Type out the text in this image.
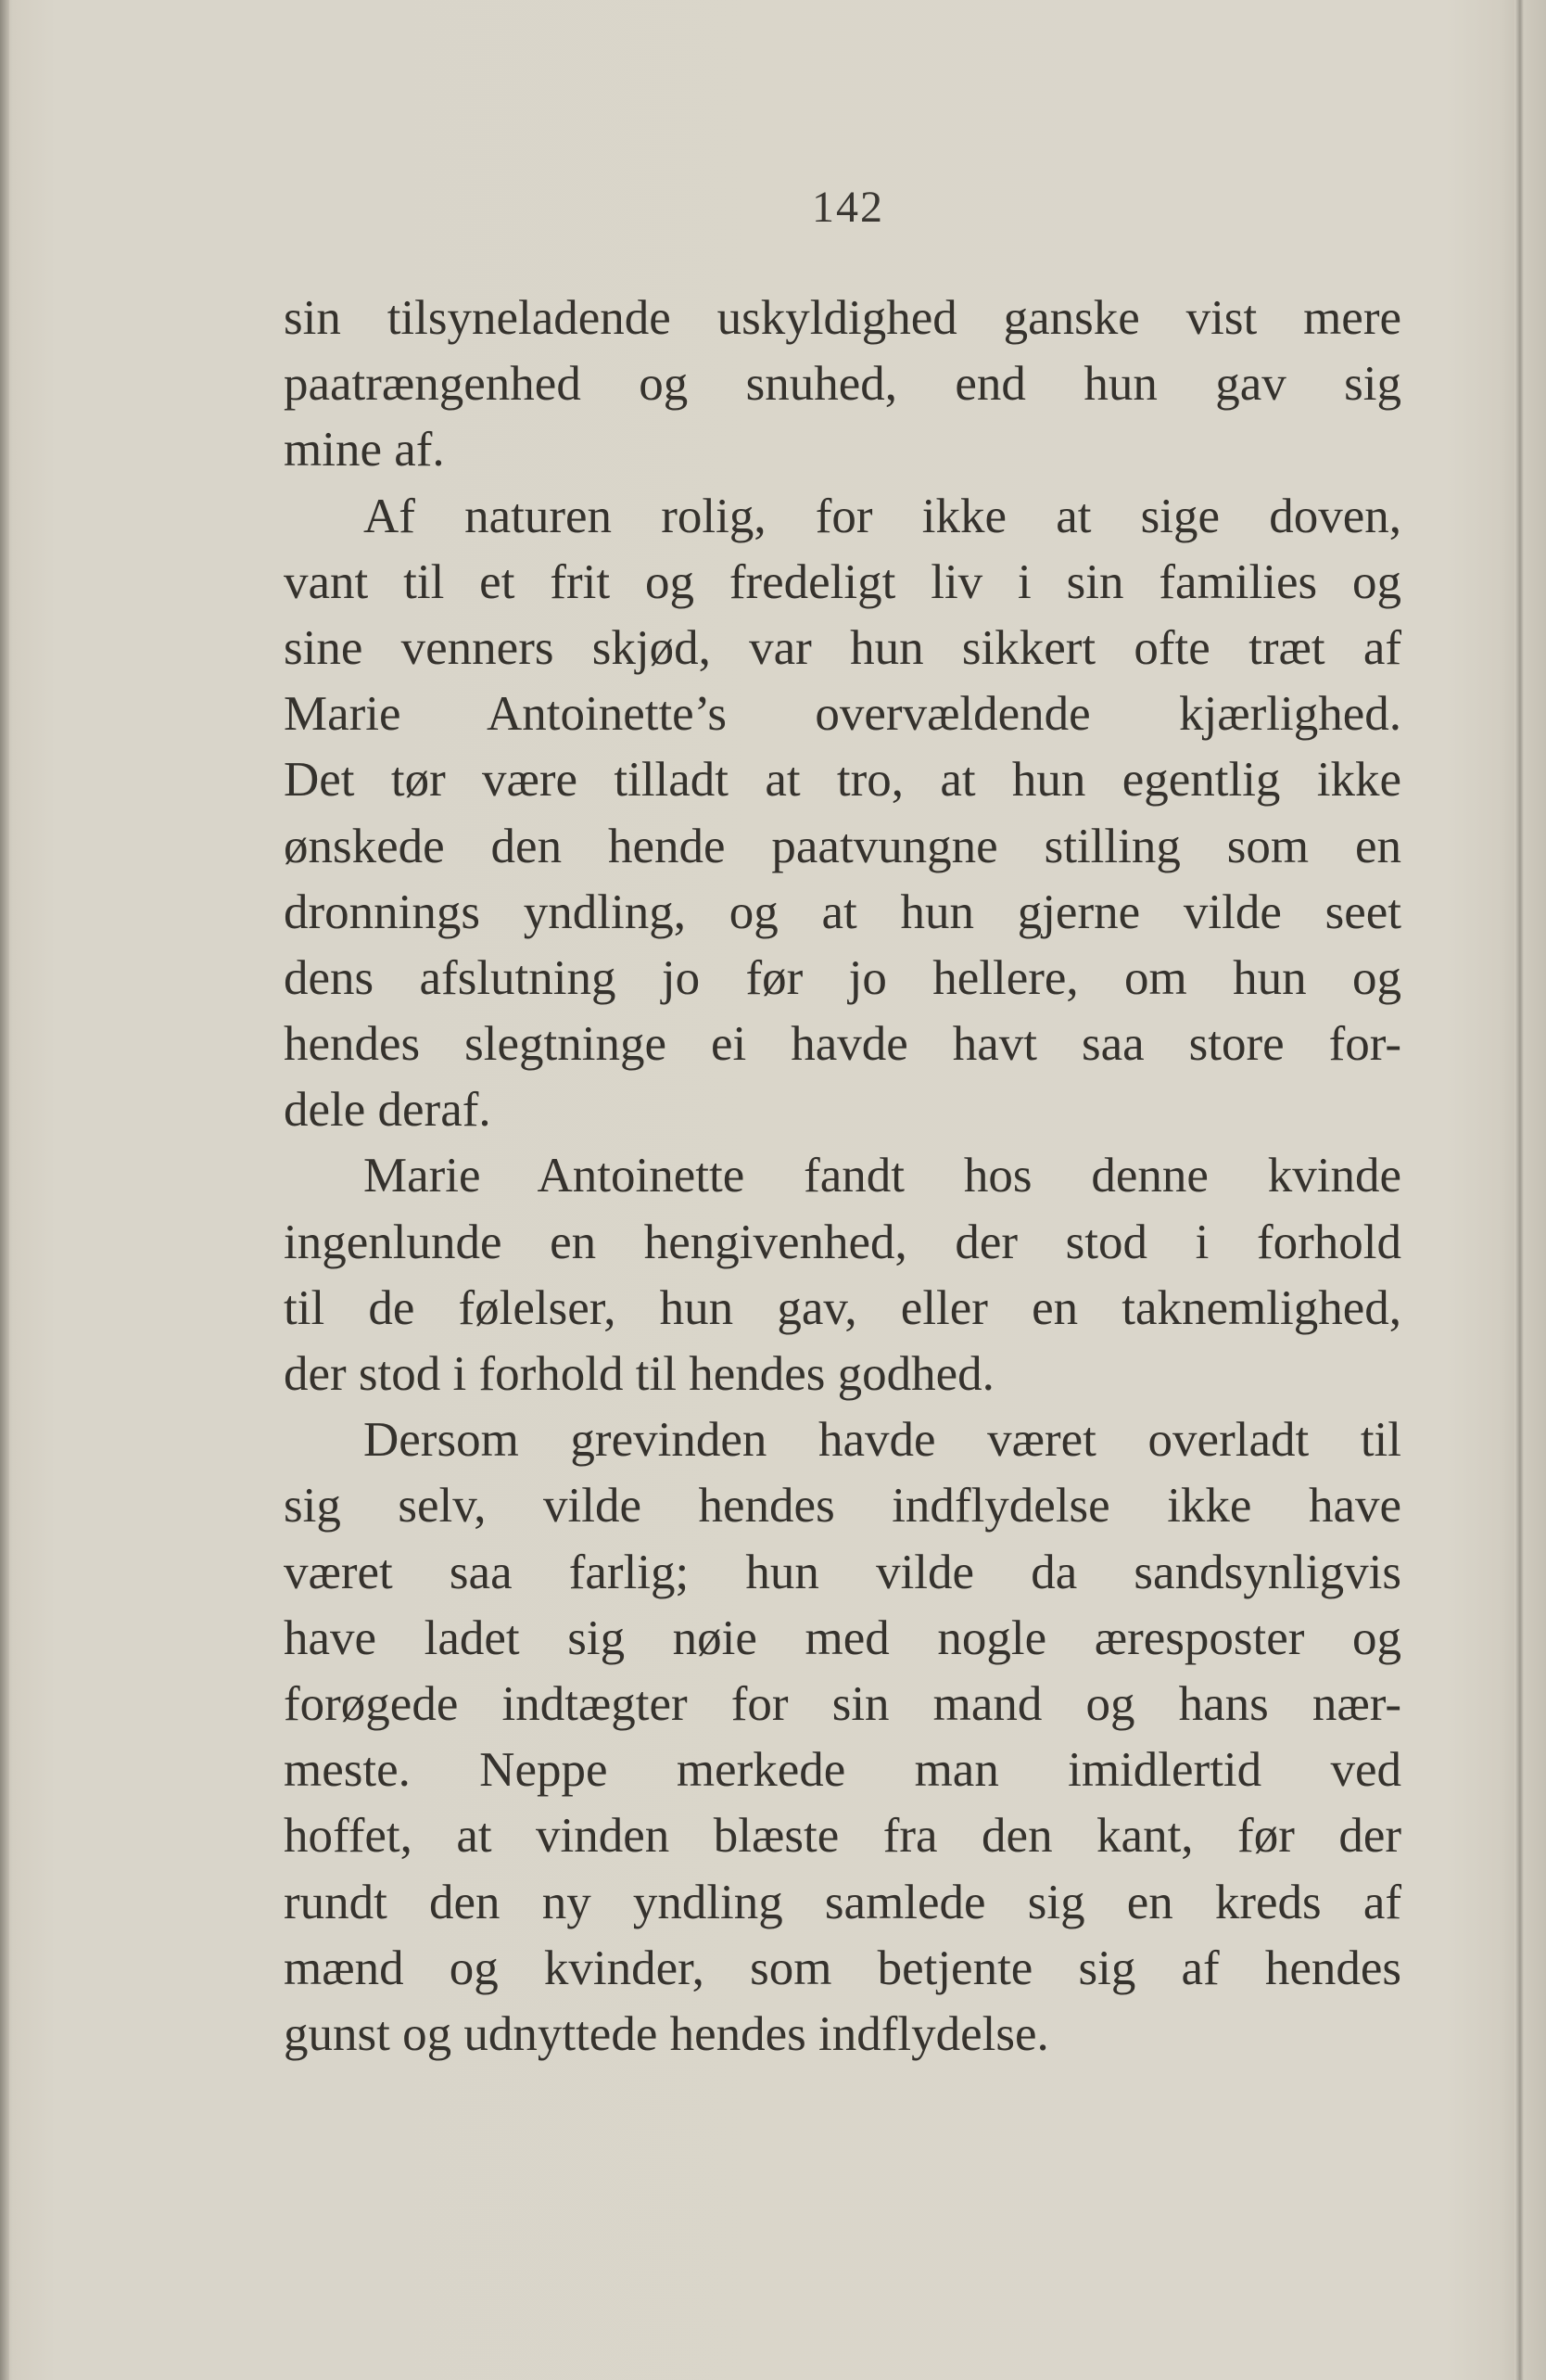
142
sin tilsyneladende uskyldighed ganske vist mere
paatrængenhed og snuhed, end hun gav sig
mine af.
Af naturen rolig, for ikke at sige doven,
vant til et frit og fredeligt liv i sin families og
sine venners skjød, var hun sikkert ofte træt af
Marie Antoinette’s overvældende kjærlighed.
Det tør være tilladt at tro, at hun egentlig ikke
ønskede den hende paatvungne stilling som en
dronnings yndling, og at hun gjerne vilde seet
dens afslutning jo før jo hellere, om hun og
hendes slegtninge ei havde havt saa store for-
dele deraf.
Marie Antoinette fandt hos denne kvinde
ingenlunde en hengivenhed, der stod i forhold
til de følelser, hun gav, eller en taknemlighed,
der stod i forhold til hendes godhed.
Dersom grevinden havde været overladt til
sig selv, vilde hendes indflydelse ikke have
været saa farlig; hun vilde da sandsynligvis
have ladet sig nøie med nogle æresposter og
forøgede indtægter for sin mand og hans nær-
meste. Neppe merkede man imidlertid ved
hoffet, at vinden blæste fra den kant, før der
rundt den ny yndling samlede sig en kreds af
mænd og kvinder, som betjente sig af hendes
gunst og udnyttede hendes indflydelse.
